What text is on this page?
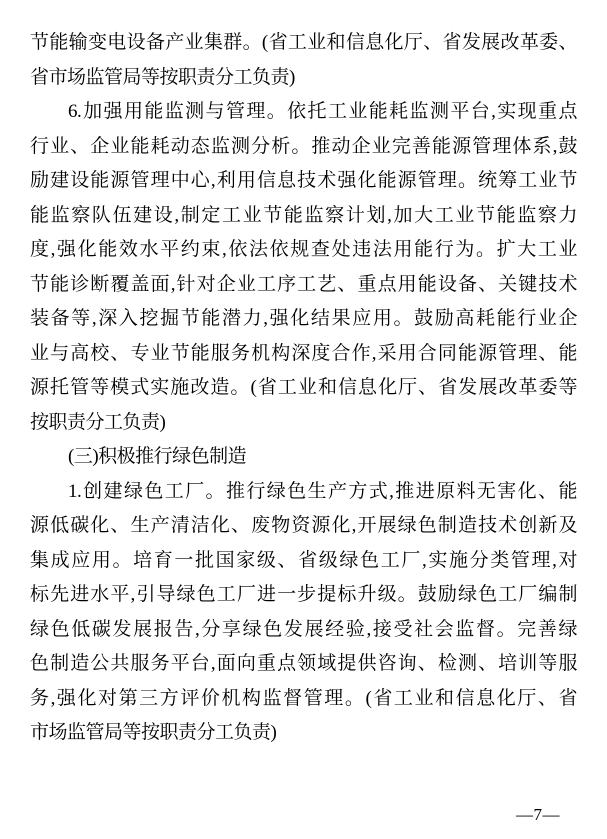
节能输变电设备产业集群。(省工业和信息化厅、省发展改革委、
省市场监管局等按职责分工负责)
6.加强用能监测与管理。依托工业能耗监测平台,实现重点
行业、企业能耗动态监测分析。推动企业完善能源管理体系,鼓
励建设能源管理中心,利用信息技术强化能源管理。统筹工业节
能监察队伍建设,制定工业节能监察计划,加大工业节能监察力
度,强化能效水平约束,依法依规查处违法用能行为。扩大工业
节能诊断覆盖面,针对企业工序工艺、重点用能设备、关键技术
装备等,深入挖掘节能潜力,强化结果应用。鼓励高耗能行业企
业与高校、专业节能服务机构深度合作,采用合同能源管理、能
源托管等模式实施改造。(省工业和信息化厅、省发展改革委等
按职责分工负责)
(三)积极推行绿色制造
1.创建绿色工厂。推行绿色生产方式,推进原料无害化、能
源低碳化、生产清洁化、废物资源化,开展绿色制造技术创新及
集成应用。培育一批国家级、省级绿色工厂,实施分类管理,对
标先进水平,引导绿色工厂进一步提标升级。鼓励绿色工厂编制
绿色低碳发展报告,分享绿色发展经验,接受社会监督。完善绿
色制造公共服务平台,面向重点领域提供咨询、检测、培训等服
务,强化对第三方评价机构监督管理。(省工业和信息化厅、省
市场监管局等按职责分工负责)
—7—
